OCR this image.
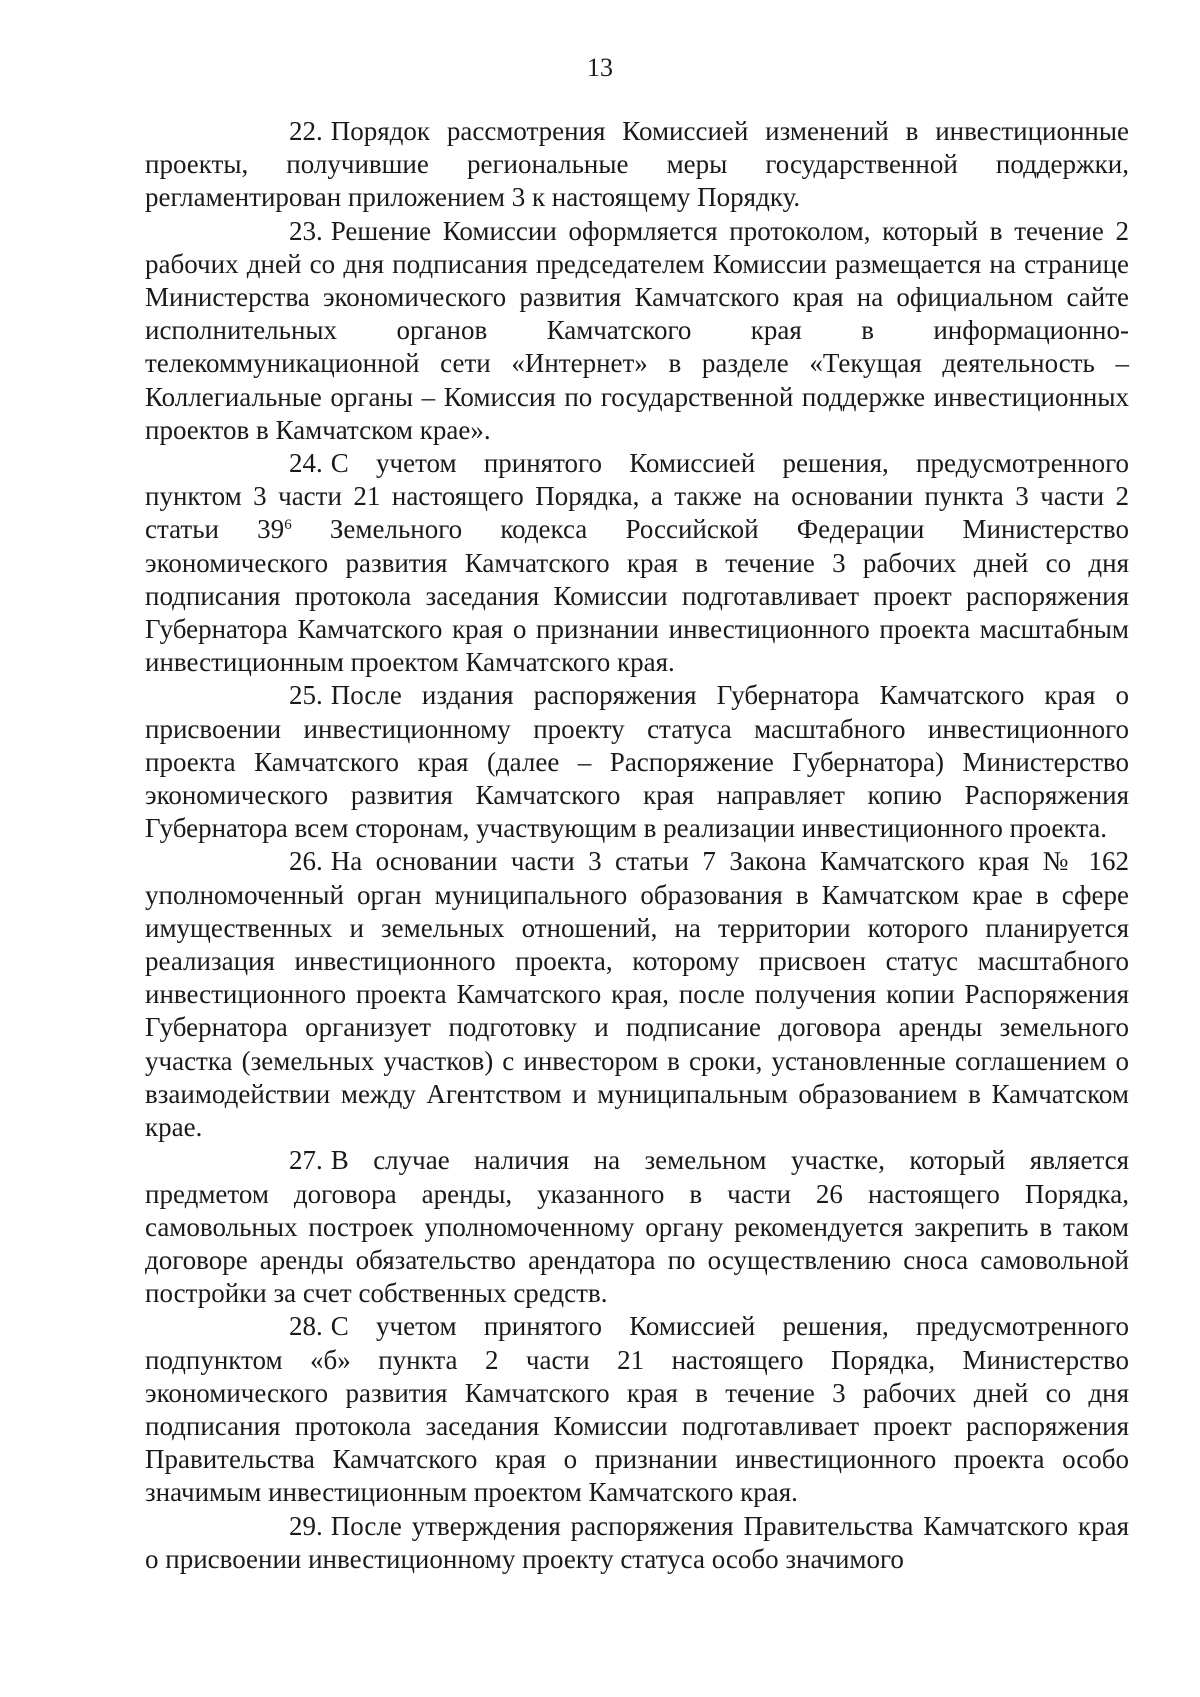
13

22. Порядок рассмотрения Комиссией изменений в инвестиционные проекты, получившие региональные меры государственной поддержки, регламентирован приложением 3 к настоящему Порядку.

23. Решение Комиссии оформляется протоколом, который в течение 2 рабочих дней со дня подписания председателем Комиссии размещается на странице Министерства экономического развития Камчатского края на официальном сайте исполнительных органов Камчатского края в информационно-телекоммуникационной сети «Интернет» в разделе «Текущая деятельность – Коллегиальные органы – Комиссия по государственной поддержке инвестиционных проектов в Камчатском крае».

24. С учетом принятого Комиссией решения, предусмотренного пунктом 3 части 21 настоящего Порядка, а также на основании пункта 3 части 2 статьи $39^6$ Земельного кодекса Российской Федерации Министерство экономического развития Камчатского края в течение 3 рабочих дней со дня подписания протокола заседания Комиссии подготавливает проект распоряжения Губернатора Камчатского края о признании инвестиционного проекта масштабным инвестиционным проектом Камчатского края.

25. После издания распоряжения Губернатора Камчатского края о присвоении инвестиционному проекту статуса масштабного инвестиционного проекта Камчатского края (далее – Распоряжение Губернатора) Министерство экономического развития Камчатского края направляет копию Распоряжения Губернатора всем сторонам, участвующим в реализации инвестиционного проекта.

26. На основании части 3 статьи 7 Закона Камчатского края № 162 уполномоченный орган муниципального образования в Камчатском крае в сфере имущественных и земельных отношений, на территории которого планируется реализация инвестиционного проекта, которому присвоен статус масштабного инвестиционного проекта Камчатского края, после получения копии Распоряжения Губернатора организует подготовку и подписание договора аренды земельного участка (земельных участков) с инвестором в сроки, установленные соглашением о взаимодействии между Агентством и муниципальным образованием в Камчатском крае.

27. В случае наличия на земельном участке, который является предметом договора аренды, указанного в части 26 настоящего Порядка, самовольных построек уполномоченному органу рекомендуется закрепить в таком договоре аренды обязательство арендатора по осуществлению сноса самовольной постройки за счет собственных средств.

28. С учетом принятого Комиссией решения, предусмотренного подпунктом «б» пункта 2 части 21 настоящего Порядка, Министерство экономического развития Камчатского края в течение 3 рабочих дней со дня подписания протокола заседания Комиссии подготавливает проект распоряжения Правительства Камчатского края о признании инвестиционного проекта особо значимым инвестиционным проектом Камчатского края.

29. После утверждения распоряжения Правительства Камчатского края о присвоении инвестиционному проекту статуса особо значимого
